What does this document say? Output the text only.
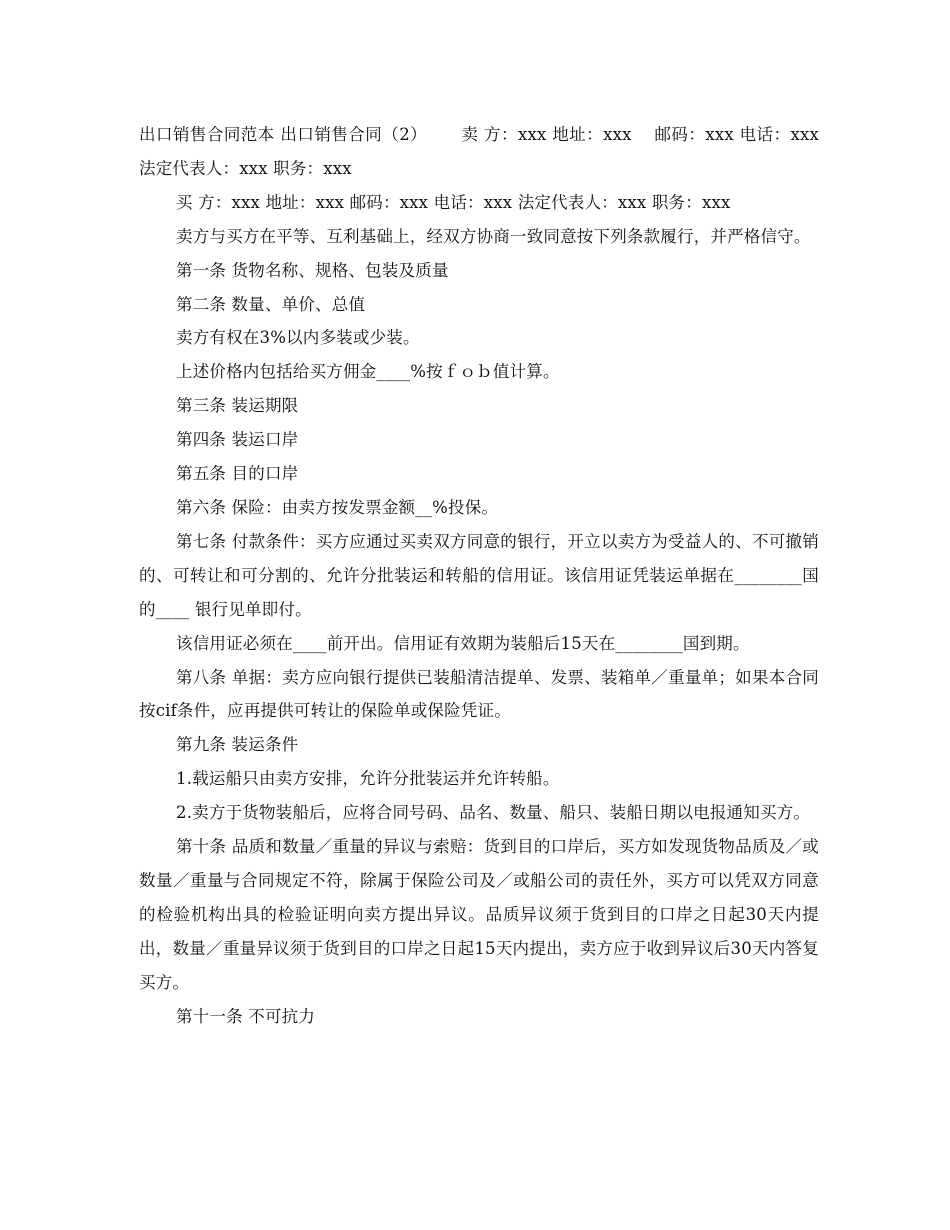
出口销售合同范本 出口销售合同（2）      卖 方：xxx 地址：xxx    邮码：xxx 电话：xxx    法定代表人：xxx 职务：xxx

买 方：xxx 地址：xxx 邮码：xxx 电话：xxx 法定代表人：xxx 职务：xxx

卖方与买方在平等、互利基础上，经双方协商一致同意按下列条款履行，并严格信守。

第一条 货物名称、规格、包装及质量

第二条 数量、单价、总值

卖方有权在3%以内多装或少装。

上述价格内包括给买方佣金____%按ｆｏｂ值计算。

第三条 装运期限

第四条 装运口岸

第五条 目的口岸

第六条 保险：由卖方按发票金额__%投保。

第七条 付款条件：买方应通过买卖双方同意的银行，开立以卖方为受益人的、不可撤销的、可转让和可分割的、允许分批装运和转船的信用证。该信用证凭装运单据在________国的____ 银行见单即付。

该信用证必须在____前开出。信用证有效期为装船后15天在________国到期。

第八条 单据：卖方应向银行提供已装船清洁提单、发票、装箱单／重量单；如果本合同按cif条件，应再提供可转让的保险单或保险凭证。

第九条 装运条件

1.载运船只由卖方安排，允许分批装运并允许转船。

2.卖方于货物装船后，应将合同号码、品名、数量、船只、装船日期以电报通知买方。

第十条 品质和数量／重量的异议与索赔：货到目的口岸后，买方如发现货物品质及／或数量／重量与合同规定不符，除属于保险公司及／或船公司的责任外，买方可以凭双方同意的检验机构出具的检验证明向卖方提出异议。品质异议须于货到目的口岸之日起30天内提出，数量／重量异议须于货到目的口岸之日起15天内提出，卖方应于收到异议后30天内答复买方。

第十一条 不可抗力
